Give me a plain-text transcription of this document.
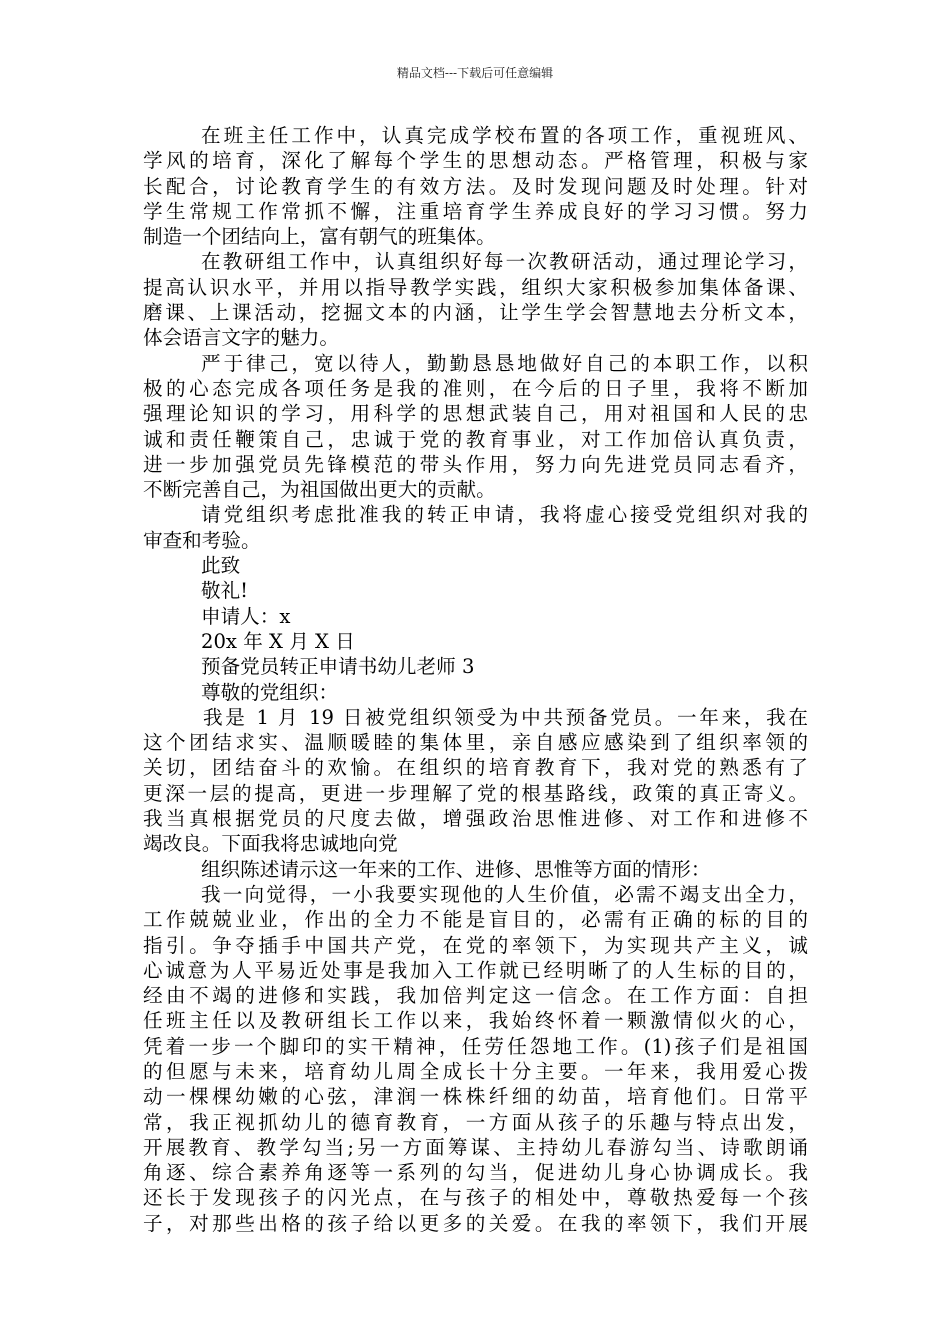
精品文档---下载后可任意编辑
在班主任工作中，认真完成学校布置的各项工作，重视班风、
学风的培育，深化了解每个学生的思想动态。严格管理，积极与家
长配合，讨论教育学生的有效方法。及时发现问题及时处理。针对
学生常规工作常抓不懈，注重培育学生养成良好的学习习惯。努力
制造一个团结向上，富有朝气的班集体。
在教研组工作中，认真组织好每一次教研活动，通过理论学习，
提高认识水平，并用以指导教学实践，组织大家积极参加集体备课、
磨课、上课活动，挖掘文本的内涵，让学生学会智慧地去分析文本，
体会语言文字的魅力。
严于律己，宽以待人，勤勤恳恳地做好自己的本职工作，以积
极的心态完成各项任务是我的准则，在今后的日子里，我将不断加
强理论知识的学习，用科学的思想武装自己，用对祖国和人民的忠
诚和责任鞭策自己，忠诚于党的教育事业，对工作加倍认真负责，
进一步加强党员先锋模范的带头作用，努力向先进党员同志看齐，
不断完善自己，为祖国做出更大的贡献。
请党组织考虑批准我的转正申请，我将虚心接受党组织对我的
审查和考验。
此致
敬礼!
申请人：x
20x 年 X 月 X 日
预备党员转正申请书幼儿老师 3
尊敬的党组织：
我是 1 月 19 日被党组织领受为中共预备党员。一年来，我在
这个团结求实、温顺暖睦的集体里，亲自感应感染到了组织率领的
关切，团结奋斗的欢愉。在组织的培育教育下，我对党的熟悉有了
更深一层的提高，更进一步理解了党的根基路线，政策的真正寄义。
我当真根据党员的尺度去做，增强政治思惟进修、对工作和进修不
竭改良。下面我将忠诚地向党
组织陈述请示这一年来的工作、进修、思惟等方面的情形：
我一向觉得，一小我要实现他的人生价值，必需不竭支出全力，
工作兢兢业业，作出的全力不能是盲目的，必需有正确的标的目的
指引。争夺插手中国共产党，在党的率领下，为实现共产主义，诚
心诚意为人平易近处事是我加入工作就已经明晰了的人生标的目的，
经由不竭的进修和实践，我加倍判定这一信念。在工作方面：自担
任班主任以及教研组长工作以来，我始终怀着一颗激情似火的心，
凭着一步一个脚印的实干精神，任劳任怨地工作。(1)孩子们是祖国
的但愿与未来，培育幼儿周全成长十分主要。一年来，我用爱心拨
动一棵棵幼嫩的心弦，津润一株株纤细的幼苗，培育他们。日常平
常，我正视抓幼儿的德育教育，一方面从孩子的乐趣与特点出发，
开展教育、教学勾当;另一方面筹谋、主持幼儿春游勾当、诗歌朗诵
角逐、综合素养角逐等一系列的勾当，促进幼儿身心协调成长。我
还长于发现孩子的闪光点，在与孩子的相处中，尊敬热爱每一个孩
子，对那些出格的孩子给以更多的关爱。在我的率领下，我们开展
